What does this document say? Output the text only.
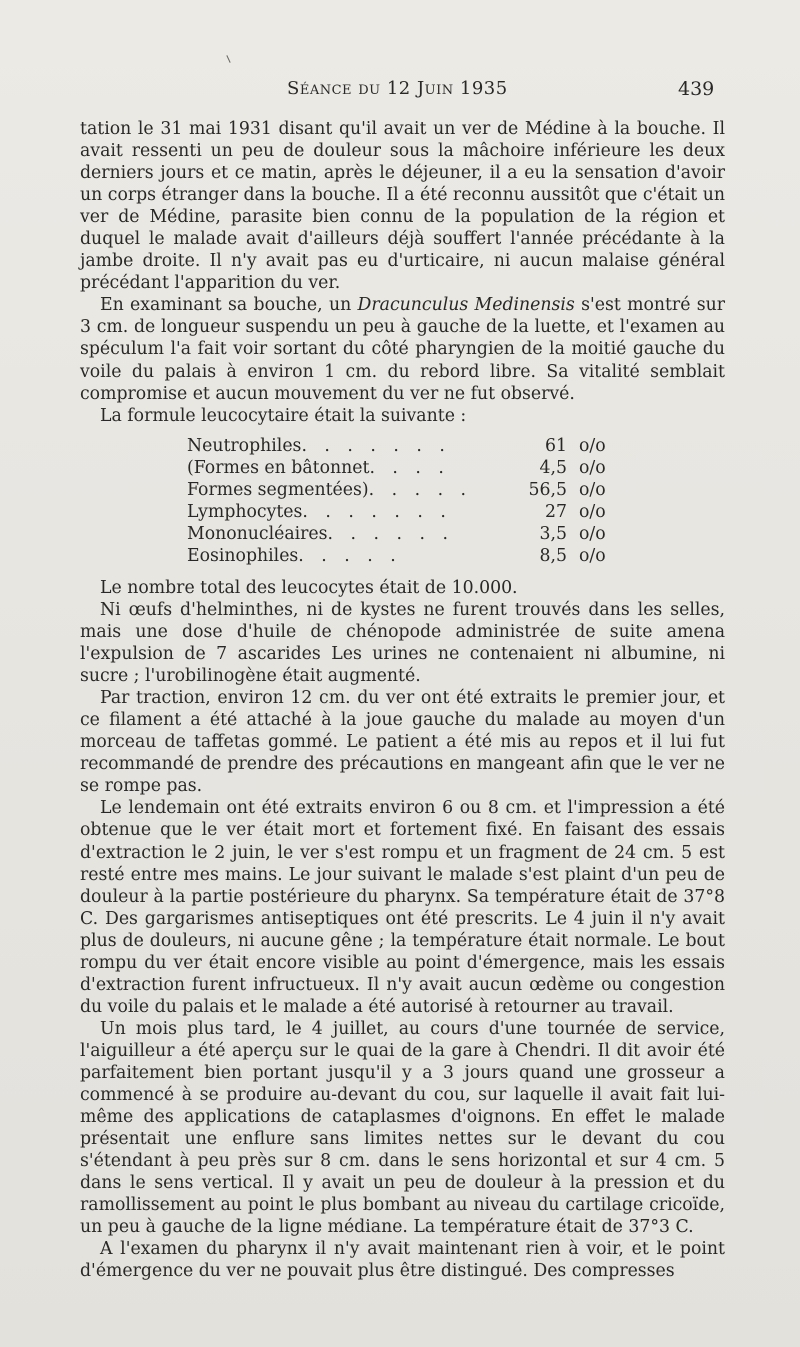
Séance du 12 Juin 1935	439

tation le 31 mai 1931 disant qu'il avait un ver de Médine à la bouche. Il avait ressenti un peu de douleur sous la mâchoire inférieure les deux derniers jours et ce matin, après le déjeuner, il a eu la sensation d'avoir un corps étranger dans la bouche. Il a été reconnu aussitôt que c'était un ver de Médine, parasite bien connu de la population de la région et duquel le malade avait d'ailleurs déjà souffert l'année précédante à la jambe droite. Il n'y avait pas eu d'urticaire, ni aucun malaise général précédant l'apparition du ver.

En examinant sa bouche, un Dracunculus Medinensis s'est montré sur 3 cm. de longueur suspendu un peu à gauche de la luette, et l'examen au spéculum l'a fait voir sortant du côté pharyngien de la moitié gauche du voile du palais à environ 1 cm. du rebord libre. Sa vitalité semblait compromise et aucun mouvement du ver ne fut observé.

La formule leucocytaire était la suivante :

Neutrophiles. . . . . . .	61 o/o
(Formes en bâtonnet. . . .	4,5 o/o
Formes segmentées). . . . .	56,5 o/o
Lymphocytes. . . . . . .	27 o/o
Mononucléaires. . . . . .	3,5 o/o
Eosinophiles. . . . .	8,5 o/o

Le nombre total des leucocytes était de 10.000.

Ni œufs d'helminthes, ni de kystes ne furent trouvés dans les selles, mais une dose d'huile de chénopode administrée de suite amena l'expulsion de 7 ascarides Les urines ne contenaient ni albumine, ni sucre ; l'urobilinogène était augmenté.

Par traction, environ 12 cm. du ver ont été extraits le premier jour, et ce filament a été attaché à la joue gauche du malade au moyen d'un morceau de taffetas gommé. Le patient a été mis au repos et il lui fut recommandé de prendre des précautions en mangeant afin que le ver ne se rompe pas.

Le lendemain ont été extraits environ 6 ou 8 cm. et l'impression a été obtenue que le ver était mort et fortement fixé. En faisant des essais d'extraction le 2 juin, le ver s'est rompu et un fragment de 24 cm. 5 est resté entre mes mains. Le jour suivant le malade s'est plaint d'un peu de douleur à la partie postérieure du pharynx. Sa température était de 37°8 C. Des gargarismes antiseptiques ont été prescrits. Le 4 juin il n'y avait plus de douleurs, ni aucune gêne ; la température était normale. Le bout rompu du ver était encore visible au point d'émergence, mais les essais d'extraction furent infructueux. Il n'y avait aucun œdème ou congestion du voile du palais et le malade a été autorisé à retourner au travail.

Un mois plus tard, le 4 juillet, au cours d'une tournée de service, l'aiguilleur a été aperçu sur le quai de la gare à Chendri. Il dit avoir été parfaitement bien portant jusqu'il y a 3 jours quand une grosseur a commencé à se produire au-devant du cou, sur laquelle il avait fait lui-même des applications de cataplasmes d'oignons. En effet le malade présentait une enflure sans limites nettes sur le devant du cou s'étendant à peu près sur 8 cm. dans le sens horizontal et sur 4 cm. 5 dans le sens vertical. Il y avait un peu de douleur à la pression et du ramollissement au point le plus bombant au niveau du cartilage cricoïde, un peu à gauche de la ligne médiane. La température était de 37°3 C.

A l'examen du pharynx il n'y avait maintenant rien à voir, et le point d'émergence du ver ne pouvait plus être distingué. Des compresses
